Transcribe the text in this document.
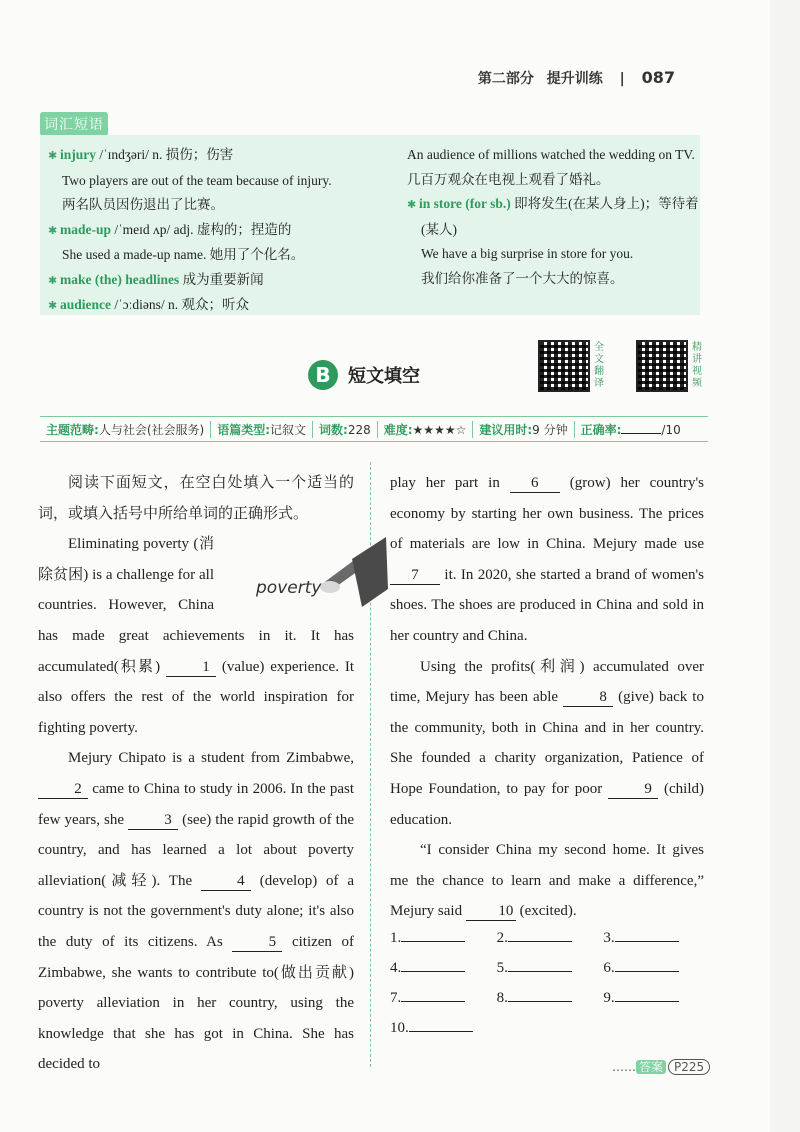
第二部分 提升训练 | 087
词汇短语
✱ injury /ˈɪndʒəri/ n. 损伤；伤害
Two players are out of the team because of injury.
两名队员因伤退出了比赛。
✱ made-up /ˈmeɪd ʌp/ adj. 虚构的；捏造的
She used a made-up name. 她用了个化名。
✱ make (the) headlines 成为重要新闻
✱ audience /ˈɔːdiəns/ n. 观众；听众
An audience of millions watched the wedding on TV.
几百万观众在电视上观看了婚礼。
✱ in store (for sb.) 即将发生(在某人身上)；等待着
(某人)
We have a big surprise in store for you.
我们给你准备了一个大大的惊喜。
B 短文填空
全文翻译
精讲视频
主题范畴:人与社会(社会服务)	语篇类型:记叙文	词数:228	难度:★★★★☆	建议用时:9 分钟	正确率:	/10

阅读下面短文，在空白处填入一个适当的词，或填入括号中所给单词的正确形式。

poverty
Eliminating poverty (消除贫困) is a challenge for all countries. However, China has made great achievements in it. It has accumulated(积累) 1 (value) experience. It also offers the rest of the world inspiration for fighting poverty.

Mejury Chipato is a student from Zimbabwe, 2 came to China to study in 2006. In the past few years, she 3 (see) the rapid growth of the country, and has learned a lot about poverty alleviation(减轻). The 4 (develop) of a country is not the government's duty alone; it's also the duty of its citizens. As 5 citizen of Zimbabwe, she wants to contribute to(做出贡献) poverty alleviation in her country, using the knowledge that she has got in China. She has decided to

play her part in 6 (grow) her country's economy by starting her own business. The prices of materials are low in China. Mejury made use 7 it. In 2020, she started a brand of women's shoes. The shoes are produced in China and sold in her country and China.

Using the profits(利润) accumulated over time, Mejury has been able 8 (give) back to the community, both in China and in her country. She founded a charity organization, Patience of Hope Foundation, to pay for poor 9 (child) education.

“I consider China my second home. It gives me the chance to learn and make a difference,” Mejury said 10 (excited).

1.	2.	3.
4.	5.	6.
7.	8.	9.
10.
…… 答案 P225
